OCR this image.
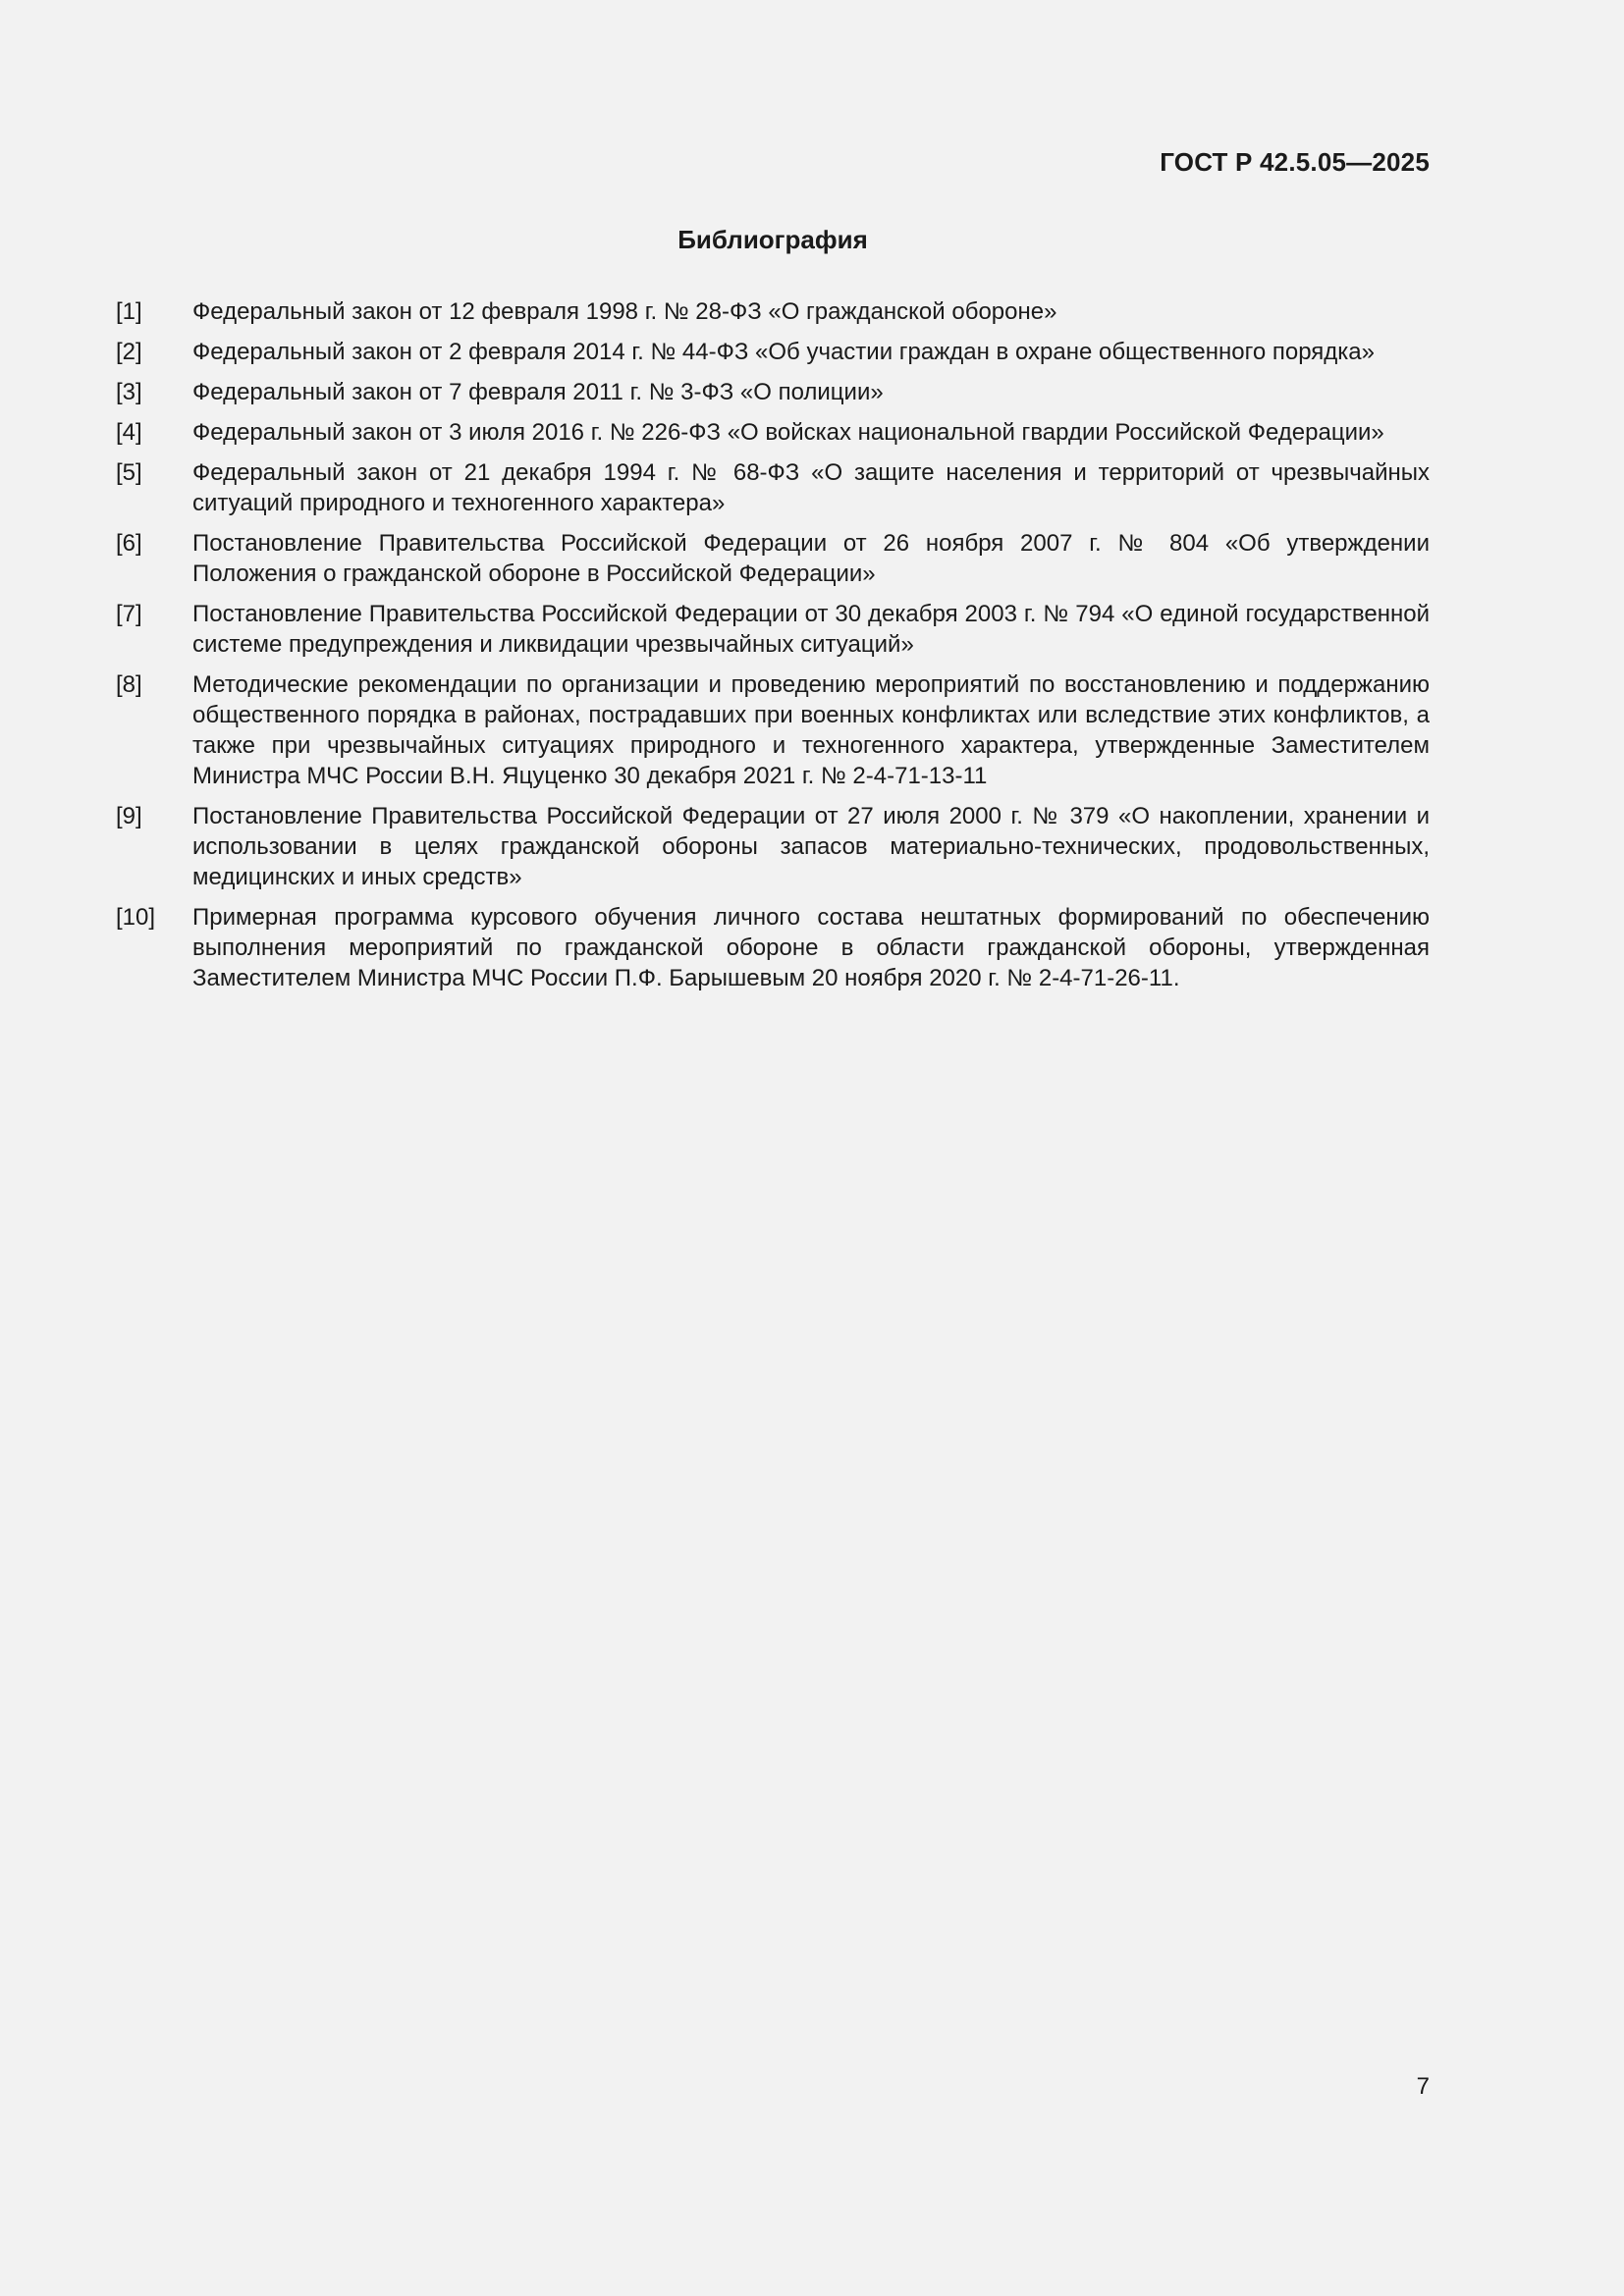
ГОСТ Р 42.5.05—2025
Библиография
[1]	Федеральный закон от 12 февраля 1998 г. № 28-ФЗ «О гражданской обороне»
[2]	Федеральный закон от 2 февраля 2014 г. № 44-ФЗ «Об участии граждан в охране общественного порядка»
[3]	Федеральный закон от 7 февраля 2011 г. № 3-ФЗ «О полиции»
[4]	Федеральный закон от 3 июля 2016 г. № 226-ФЗ «О войсках национальной гвардии Российской Федерации»
[5]	Федеральный закон от 21 декабря 1994 г. № 68-ФЗ «О защите населения и территорий от чрезвычайных ситуаций природного и техногенного характера»
[6]	Постановление Правительства Российской Федерации от 26 ноября 2007 г. № 804 «Об утверждении Положения о гражданской обороне в Российской Федерации»
[7]	Постановление Правительства Российской Федерации от 30 декабря 2003 г. № 794 «О единой государственной системе предупреждения и ликвидации чрезвычайных ситуаций»
[8]	Методические рекомендации по организации и проведению мероприятий по восстановлению и поддержанию общественного порядка в районах, пострадавших при военных конфликтах или вследствие этих конфликтов, а также при чрезвычайных ситуациях природного и техногенного характера, утвержденные Заместителем Министра МЧС России В.Н. Яцуценко 30 декабря 2021 г. № 2-4-71-13-11
[9]	Постановление Правительства Российской Федерации от 27 июля 2000 г. № 379 «О накоплении, хранении и использовании в целях гражданской обороны запасов материально-технических, продовольственных, медицинских и иных средств»
[10]	Примерная программа курсового обучения личного состава нештатных формирований по обеспечению выполнения мероприятий по гражданской обороне в области гражданской обороны, утвержденная Заместителем Министра МЧС России П.Ф. Барышевым 20 ноября 2020 г. № 2-4-71-26-11.
7
